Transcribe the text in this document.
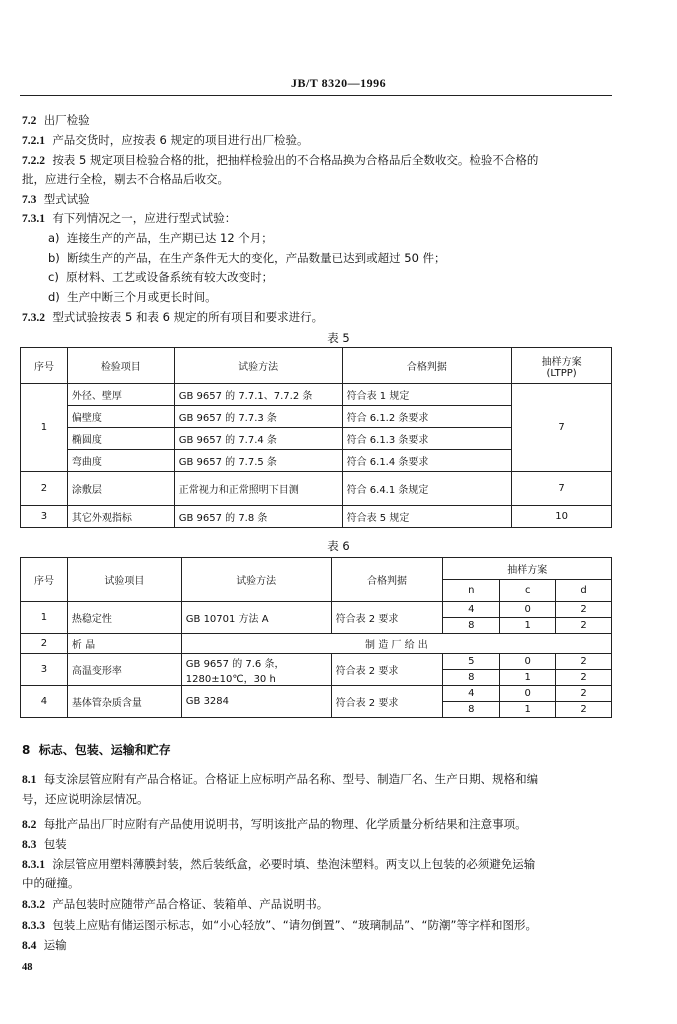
JB/T 8320—1996
7.2 出厂检验
7.2.1 产品交货时，应按表 6 规定的项目进行出厂检验。
7.2.2 按表 5 规定项目检验合格的批，把抽样检验出的不合格品换为合格品后全数收交。检验不合格的
批，应进行全检，剔去不合格品后收交。
7.3 型式试验
7.3.1 有下列情况之一，应进行型式试验：
a) 连接生产的产品，生产期已达 12 个月；
b) 断续生产的产品，在生产条件无大的变化，产品数量已达到或超过 50 件；
c) 原材料、工艺或设备系统有较大改变时；
d) 生产中断三个月或更长时间。
7.3.2 型式试验按表 5 和表 6 规定的所有项目和要求进行。
表 5
序号	检验项目	试验方法	合格判据	抽样方案
(LTPP)

1	外径、壁厚	GB 9657 的 7.7.1、7.7.2 条	符合表 1 规定	7
	偏壁度	GB 9657 的 7.7.3 条	符合 6.1.2 条要求	
	椭圆度	GB 9657 的 7.7.4 条	符合 6.1.3 条要求	
	弯曲度	GB 9657 的 7.7.5 条	符合 6.1.4 条要求	
2	涂敷层	正常视力和正常照明下目测	符合 6.4.1 条规定	7
3	其它外观指标	GB 9657 的 7.8 条	符合表 5 规定	10
表 6
序号	试验项目	试验方法	合格判据	抽样方案		
				n	c	d
1	热稳定性	GB 10701 方法 A	符合表 2 要求	4	0	2
				8	1	2
2	析 晶	制 造 厂 给 出				
3	高温变形率	GB 9657 的 7.6 条，
1280±10℃，30 h	符合表 2 要求	5	0	2
				8	1	2
4	基体管杂质含量	GB 3284	符合表 2 要求	4	0	2
				8	1	2
8 标志、包装、运输和贮存
8.1 每支涂层管应附有产品合格证。合格证上应标明产品名称、型号、制造厂名、生产日期、规格和编
号，还应说明涂层情况。
8.2 每批产品出厂时应附有产品使用说明书，写明该批产品的物理、化学质量分析结果和注意事项。
8.3 包装
8.3.1 涂层管应用塑料薄膜封装，然后装纸盒，必要时填、垫泡沫塑料。两支以上包装的必须避免运输
中的碰撞。
8.3.2 产品包装时应随带产品合格证、装箱单、产品说明书。
8.3.3 包装上应贴有储运图示标志，如“小心轻放”、“请勿倒置”、“玻璃制品”、“防潮”等字样和图形。
8.4 运输
48
